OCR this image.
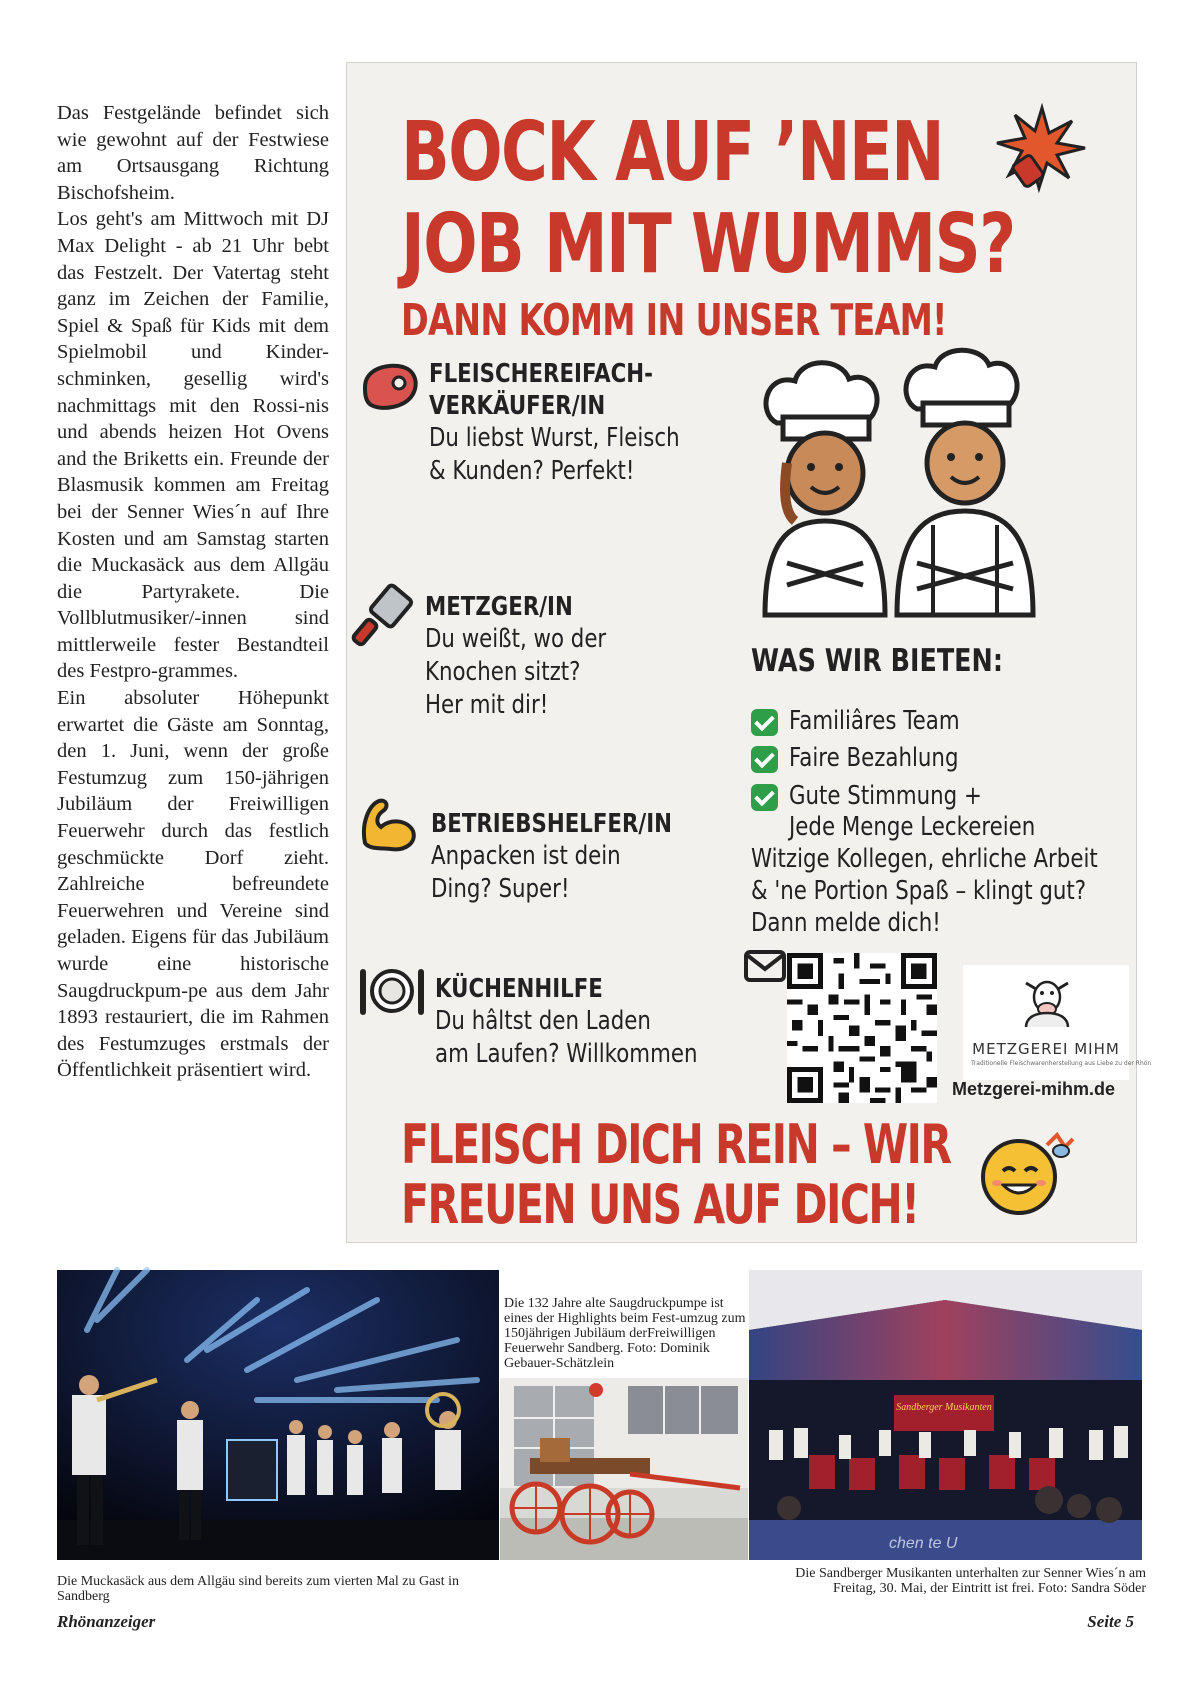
Das Festgelände befindet sich wie gewohnt auf der Festwiese am Ortsausgang Richtung Bischofsheim.

Los geht's am Mittwoch mit DJ Max Delight - ab 21 Uhr bebt das Festzelt. Der Vatertag steht ganz im Zeichen der Familie, Spiel & Spaß für Kids mit dem Spielmobil und Kinder-schminken, gesellig wird's nachmittags mit den Rossi-nis und abends heizen Hot Ovens and the Briketts ein. Freunde der Blasmusik kommen am Freitag bei der Senner Wies´n auf Ihre Kosten und am Samstag starten die Muckasäck aus dem Allgäu die Partyrakete. Die Vollblutmusiker/-innen sind mittlerweile fester Bestandteil des Festpro-grammes.

Ein absoluter Höhepunkt erwartet die Gäste am Sonntag, den 1. Juni, wenn der große Festumzug zum 150-jährigen Jubiläum der Freiwilligen Feuerwehr durch das festlich geschmückte Dorf zieht. Zahlreiche befreundete Feuerwehren und Vereine sind geladen. Eigens für das Jubiläum wurde eine historische Saugdruckpum-pe aus dem Jahr 1893 restauriert, die im Rahmen des Festumzuges erstmals der Öffentlichkeit präsentiert wird.

BOCK AUF ’NEN
JOB MIT WUMMS?
DANN KOMM IN UNSER TEAM!
FLEISCHEREIFACH-
VERKÄUFER/IN
Du liebst Wurst, Fleisch
& Kunden? Perfekt!
METZGER/IN
Du weißt, wo der
Knochen sitzt?
Her mit dir!
BETRIEBSHELFER/IN
Anpacken ist dein
Ding? Super!
KÜCHENHILFE
Du hâltst den Laden
am Laufen? Willkommen
WAS WIR BIETEN:
Familiâres Team
Faire Bezahlung
Gute Stimmung +
Jede Menge Leckereien
Witzige Kollegen, ehrliche Arbeit
& 'ne Portion Spaß – klingt gut?
Dann melde dich!
METZGEREI MIHM
Traditionelle Fleischwarenherstellung aus Liebe zu der Rhön
Metzgerei-mihm.de
FLEISCH DICH REIN – WIR
FREUEN UNS AUF DICH!
Sandberger Musikanten
chen te U
Die Muckasäck aus dem Allgäu sind bereits zum vierten Mal zu Gast in Sandberg
Die 132 Jahre alte Saugdruckpumpe ist eines der Highlights beim Fest-umzug zum 150jährigen Jubiläum derFreiwilligen Feuerwehr Sandberg. Foto: Dominik Gebauer-Schätzlein
Die Sandberger Musikanten unterhalten zur Senner Wies´n am Freitag, 30. Mai, der Eintritt ist frei. Foto: Sandra Söder
Rhönanzeiger	Seite 5
